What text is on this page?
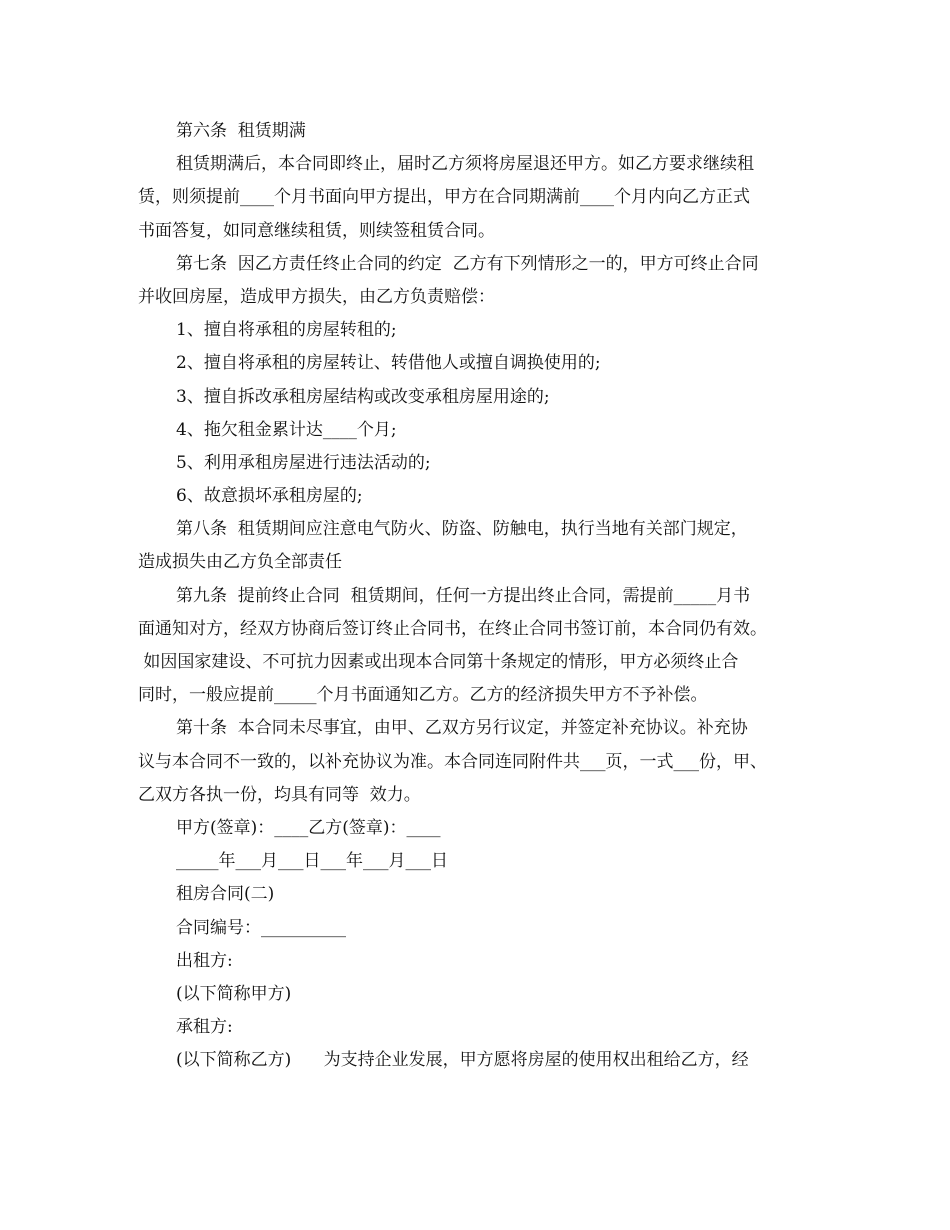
第六条  租赁期满
租赁期满后，本合同即终止，届时乙方须将房屋退还甲方。如乙方要求继续租
赁，则须提前____个月书面向甲方提出，甲方在合同期满前____个月内向乙方正式
书面答复，如同意继续租赁，则续签租赁合同。
第七条  因乙方责任终止合同的约定  乙方有下列情形之一的，甲方可终止合同
并收回房屋，造成甲方损失，由乙方负责赔偿：
1、擅自将承租的房屋转租的;
2、擅自将承租的房屋转让、转借他人或擅自调换使用的;
3、擅自拆改承租房屋结构或改变承租房屋用途的;
4、拖欠租金累计达____个月;
5、利用承租房屋进行违法活动的;
6、故意损坏承租房屋的;
第八条  租赁期间应注意电气防火、防盗、防触电，执行当地有关部门规定，
造成损失由乙方负全部责任
第九条  提前终止合同  租赁期间，任何一方提出终止合同，需提前_____月书
面通知对方，经双方协商后签订终止合同书，在终止合同书签订前，本合同仍有效。
如因国家建设、不可抗力因素或出现本合同第十条规定的情形，甲方必须终止合
同时，一般应提前_____个月书面通知乙方。乙方的经济损失甲方不予补偿。
第十条  本合同未尽事宜，由甲、乙双方另行议定，并签定补充协议。补充协
议与本合同不一致的，以补充协议为准。本合同连同附件共___页，一式___份，甲、
乙双方各执一份，均具有同等  效力。
甲方(签章)：____乙方(签章)：____
_____年___月___日___年___月___日
租房合同(二)
合同编号：__________
出租方:
(以下简称甲方)
承租方:
(以下简称乙方)      为支持企业发展，甲方愿将房屋的使用权出租给乙方，经
